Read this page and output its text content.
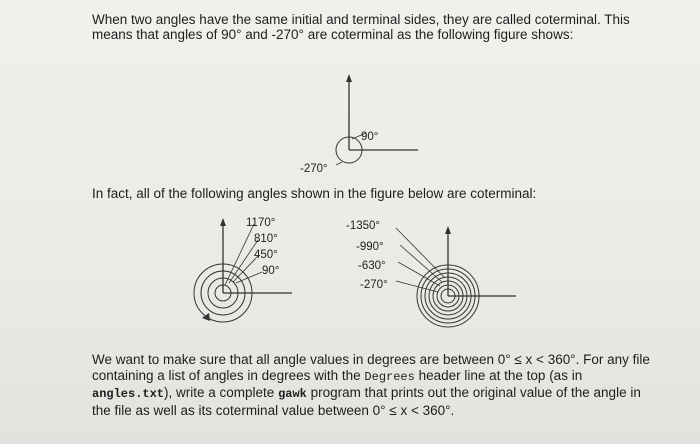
When two angles have the same initial and terminal sides, they are called coterminal. This means that angles of 90° and -270° are coterminal as the following figure shows:

90°
-270°

In fact, all of the following angles shown in the figure below are coterminal:

1170°
810°
450°
90°
-1350°
-990°
-630°
-270°

We want to make sure that all angle values in degrees are between 0° ≤ x < 360°. For any file containing a list of angles in degrees with the Degrees header line at the top (as in angles.txt), write a complete gawk program that prints out the original value of the angle in the file as well as its coterminal value between 0° ≤ x < 360°.
